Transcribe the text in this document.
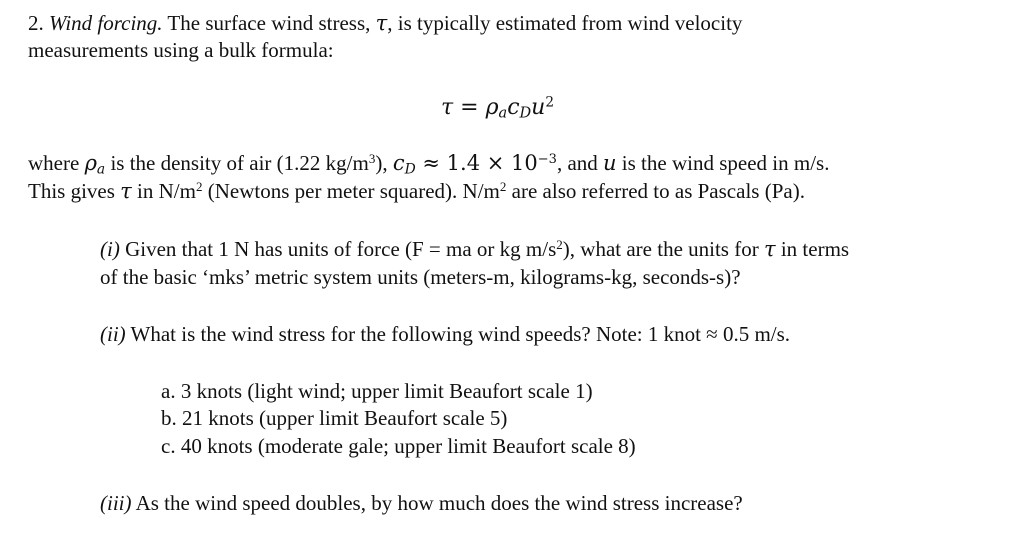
2. Wind forcing. The surface wind stress, τ, is typically estimated from wind velocity
measurements using a bulk formula:
$\tau = \rho_ac_Du^2$
where $\rho_a$ is the density of air (1.22 $kg/m^3$), $c_D \approx 1.4 \times 10^{-3}$, and u is the wind speed in m/s.
This gives τ in $N/m^2$ (Newtons per meter squared). $N/m^2$ are also referred to as Pascals (Pa).
(i) Given that 1 N has units of force (F = ma or kg $m/s^2$), what are the units for τ in terms
of the basic ‘mks’ metric system units (meters-m, kilograms-kg, seconds-s)?
(ii) What is the wind stress for the following wind speeds? Note: 1 knot ≈ 0.5 m/s.
a. 3 knots (light wind; upper limit Beaufort scale 1)
b. 21 knots (upper limit Beaufort scale 5)
c. 40 knots (moderate gale; upper limit Beaufort scale 8)
(iii) As the wind speed doubles, by how much does the wind stress increase?
